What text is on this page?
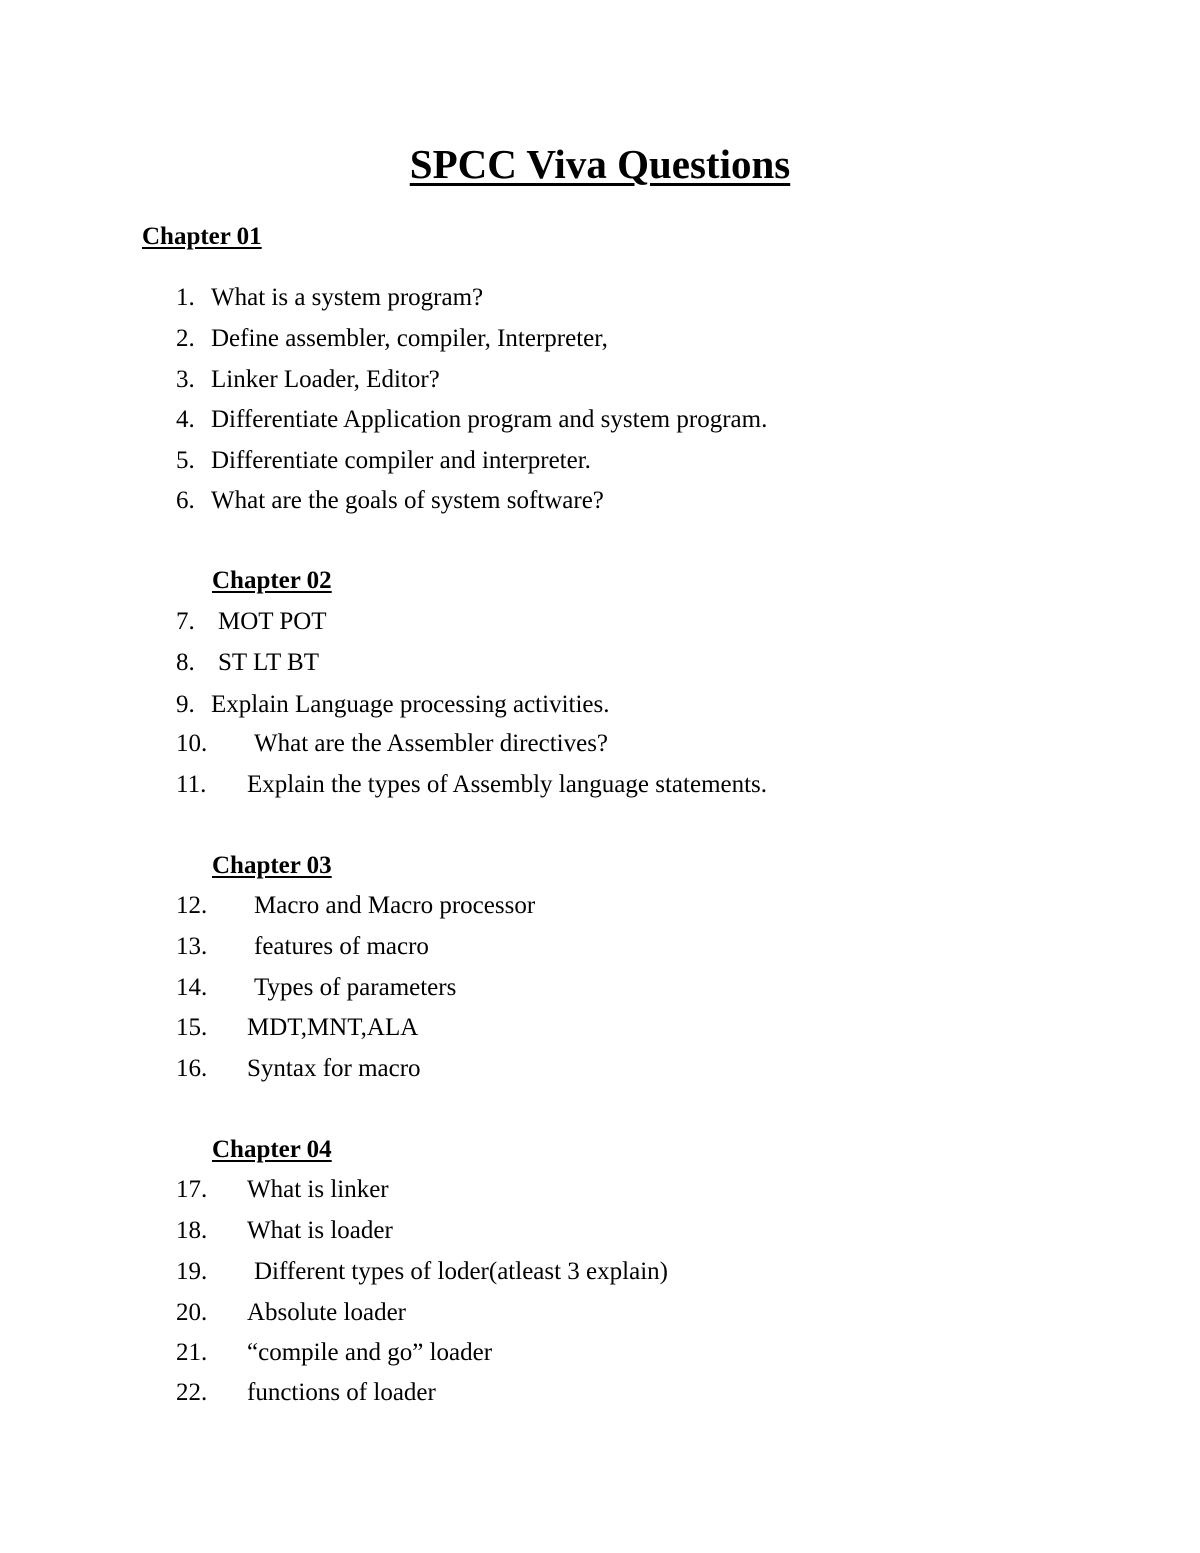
SPCC Viva Questions
Chapter 01
1. What is a system program?
2. Define assembler, compiler, Interpreter,
3. Linker Loader, Editor?
4. Differentiate Application program and system program.
5. Differentiate compiler and interpreter.
6. What are the goals of system software?
Chapter 02
7. MOT POT
8. ST LT BT
9. Explain Language processing activities.
10. What are the Assembler directives?
11. Explain the types of Assembly language statements.
Chapter 03
12. Macro and Macro processor
13. features of macro
14. Types of parameters
15. MDT,MNT,ALA
16. Syntax for macro
Chapter 04
17. What is linker
18. What is loader
19. Different types of loder(atleast 3 explain)
20. Absolute loader
21. “compile and go” loader
22. functions of loader
